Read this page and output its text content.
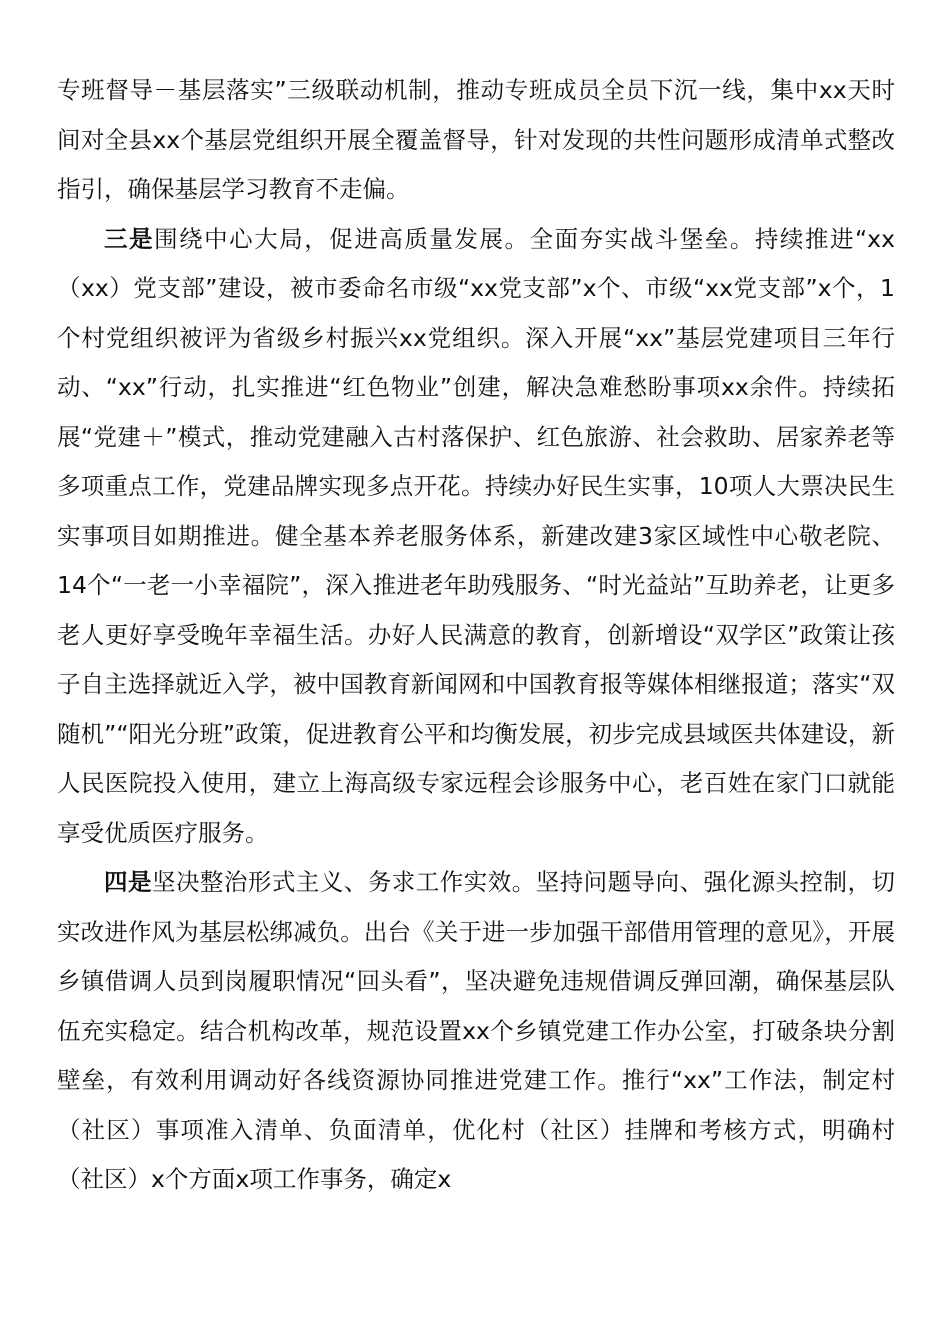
专班督导－基层落实”三级联动机制，推动专班成员全员下沉一线，集中xx天时间对全县xx个基层党组织开展全覆盖督导，针对发现的共性问题形成清单式整改指引，确保基层学习教育不走偏。

三是围绕中心大局，促进高质量发展。全面夯实战斗堡垒。持续推进“xx（xx）党支部”建设，被市委命名市级“xx党支部”x个、市级“xx党支部”x个，1个村党组织被评为省级乡村振兴xx党组织。深入开展“xx”基层党建项目三年行动、“xx”行动，扎实推进“红色物业”创建，解决急难愁盼事项xx余件。持续拓展“党建＋”模式，推动党建融入古村落保护、红色旅游、社会救助、居家养老等多项重点工作，党建品牌实现多点开花。持续办好民生实事，10项人大票决民生实事项目如期推进。健全基本养老服务体系，新建改建3家区域性中心敬老院、14个“一老一小幸福院”，深入推进老年助残服务、“时光益站”互助养老，让更多老人更好享受晚年幸福生活。办好人民满意的教育，创新增设“双学区”政策让孩子自主选择就近入学，被中国教育新闻网和中国教育报等媒体相继报道；落实“双随机”“阳光分班”政策，促进教育公平和均衡发展，初步完成县域医共体建设，新人民医院投入使用，建立上海高级专家远程会诊服务中心，老百姓在家门口就能享受优质医疗服务。

四是坚决整治形式主义、务求工作实效。坚持问题导向、强化源头控制，切实改进作风为基层松绑减负。出台《关于进一步加强干部借用管理的意见》，开展乡镇借调人员到岗履职情况“回头看”，坚决避免违规借调反弹回潮，确保基层队伍充实稳定。结合机构改革，规范设置xx个乡镇党建工作办公室，打破条块分割壁垒，有效利用调动好各线资源协同推进党建工作。推行“xx”工作法，制定村（社区）事项准入清单、负面清单，优化村（社区）挂牌和考核方式，明确村（社区）x个方面x项工作事务，确定x
